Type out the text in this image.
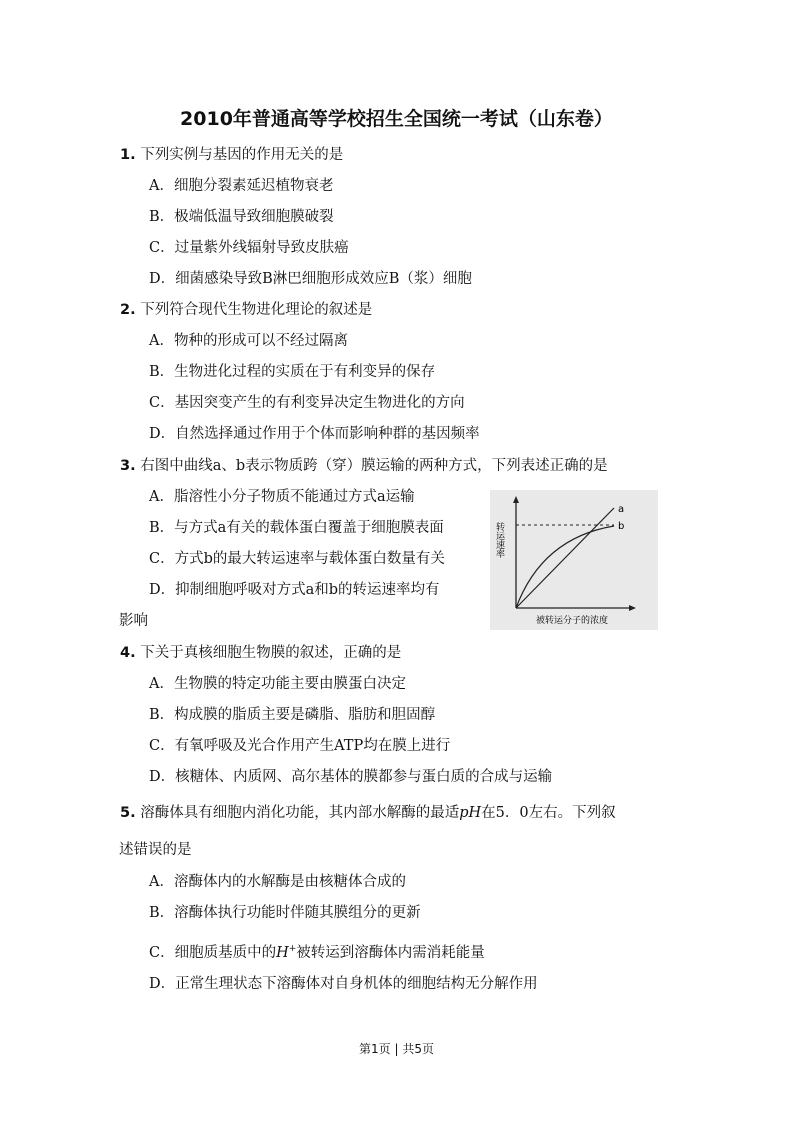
2010年普通高等学校招生全国统一考试（山东卷）
1. 下列实例与基因的作用无关的是
A．细胞分裂素延迟植物衰老
B．极端低温导致细胞膜破裂
C．过量紫外线辐射导致皮肤癌
D．细菌感染导致B淋巴细胞形成效应B（浆）细胞
2. 下列符合现代生物进化理论的叙述是
A．物种的形成可以不经过隔离
B．生物进化过程的实质在于有利变异的保存
C．基因突变产生的有利变异决定生物进化的方向
D．自然选择通过作用于个体而影响种群的基因频率
3. 右图中曲线a、b表示物质跨（穿）膜运输的两种方式，下列表述正确的是
A．脂溶性小分子物质不能通过方式a运输
B．与方式a有关的载体蛋白覆盖于细胞膜表面
C．方式b的最大转运速率与载体蛋白数量有关
D．抑制细胞呼吸对方式a和b的转运速率均有
影响
a
b
转运速率
被转运分子的浓度
4. 下关于真核细胞生物膜的叙述，正确的是
A．生物膜的特定功能主要由膜蛋白决定
B．构成膜的脂质主要是磷脂、脂肪和胆固醇
C．有氧呼吸及光合作用产生ATP均在膜上进行
D．核糖体、内质网、高尔基体的膜都参与蛋白质的合成与运输
5. 溶酶体具有细胞内消化功能，其内部水解酶的最适pH在5．0左右。下列叙
述错误的是
A．溶酶体内的水解酶是由核糖体合成的
B．溶酶体执行功能时伴随其膜组分的更新
C．细胞质基质中的H+被转运到溶酶体内需消耗能量
D．正常生理状态下溶酶体对自身机体的细胞结构无分解作用
第1页 | 共5页
